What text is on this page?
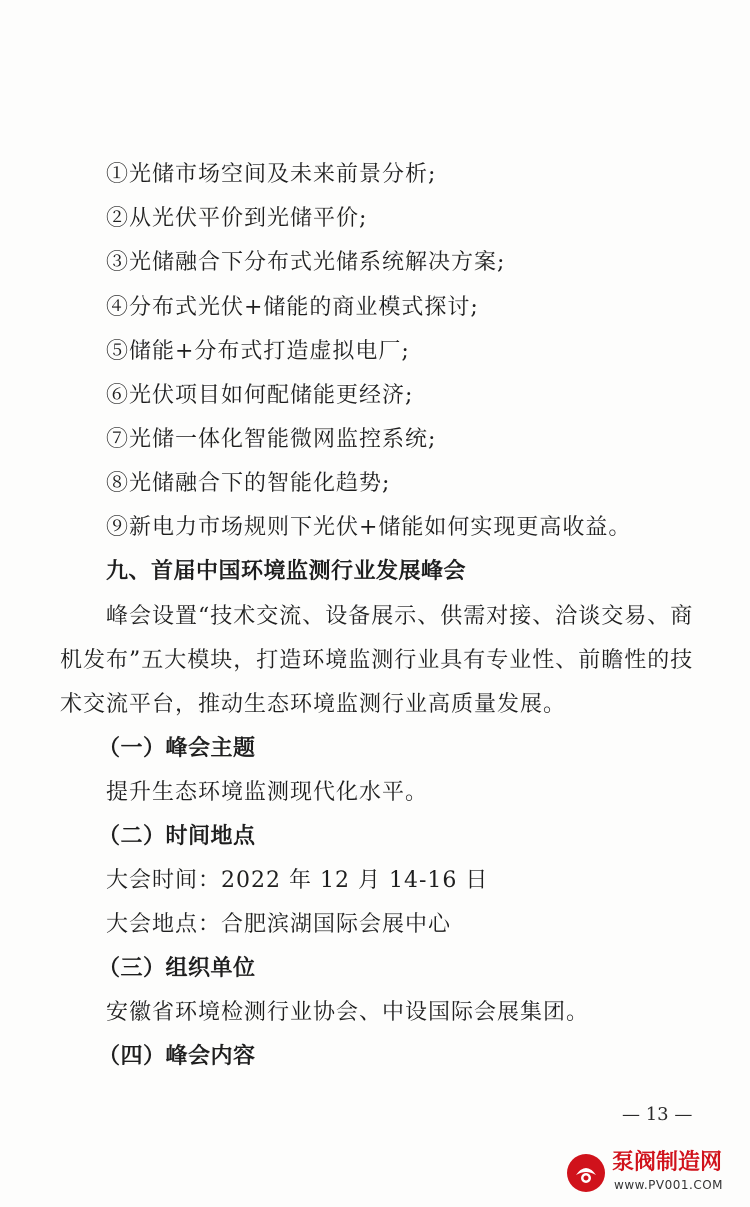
①光储市场空间及未来前景分析;
②从光伏平价到光储平价;
③光储融合下分布式光储系统解决方案;
④分布式光伏+储能的商业模式探讨;
⑤储能+分布式打造虚拟电厂;
⑥光伏项目如何配储能更经济;
⑦光储一体化智能微网监控系统;
⑧光储融合下的智能化趋势;
⑨新电力市场规则下光伏+储能如何实现更高收益。
九、首届中国环境监测行业发展峰会
峰会设置“技术交流、设备展示、供需对接、洽谈交易、商
机发布”五大模块，打造环境监测行业具有专业性、前瞻性的技
术交流平台，推动生态环境监测行业高质量发展。
（一）峰会主题
提升生态环境监测现代化水平。
（二）时间地点
大会时间：2022 年 12 月 14-16 日
大会地点：合肥滨湖国际会展中心
（三）组织单位
安徽省环境检测行业协会、中设国际会展集团。
（四）峰会内容
— 13 —
泵阀制造网
www.PV001.COM
